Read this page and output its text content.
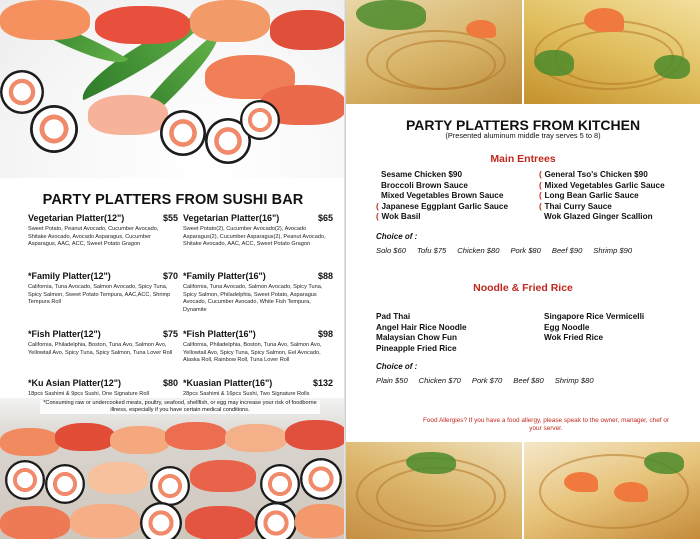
PARTY PLATTERS FROM SUSHI BAR
Vegetarian Platter(12")	$55
Sweet Potato, Peanut Avocado, Cucumber Avocado, Shitake Avocado, Avocado Asparagus, Cucumber Asparagus, AAC, ACC, Sweet Potato Gragon
*Family Platter(12")	$70
California, Tuna Avocado, Salmon Avocado, Spicy Tuna, Spicy Salmon, Sweet Potato Tempura, AAC,ACC, Shrimp Tempura Roll
*Fish Platter(12")	$75
California, Philadelphia, Boston, Tuna Avo, Salmon Avo, Yellowtail Avo, Spicy Tuna, Spicy Salmon, Tuna Lover Roll
*Ku Asian Platter(12")	$80
18pcs Sashimi & 9pcs Sushi, One Signature Roll
Vegetarian Platter(16")	$65
Sweet Potato(2), Cucumber Avocado(2), Avocado Asparagus(2), Cucumber Asparagus(2), Peanut Avocado, Shitake Avocado, AAC, ACC, Sweet Potato Gragon
*Family Platter(16")	$88
California, Tuna Avocado, Salmon Avocado, Spicy Tuna, Spicy Salmon, Philadelphia, Sweet Potato, Asparagus Avocado, Cucumber Avocado, White Fish Tempura, Dynamite
*Fish Platter(16")	$98
California, Philadelphia, Boston, Tuna Avo, Salmon Avo, Yellowtail Avo, Spicy Tuna, Spicy Salmon, Eel Avocado, Alaska Roll, Rainbow Roll, Tuna Lover Roll
*Kuasian Platter(16")	$132
28pcs Sashimi & 16pcs Sushi, Two Signature Rolls
*Consuming raw or undercooked meats, poultry, seafood, shellfish, or egg may increase your risk of foodborne illness, especially if you have certain medical conditions.
PARTY PLATTERS FROM KITCHEN
(Presented aluminum middle tray serves 5 to 8)
Main Entrees
Sesame Chicken $90
Broccoli Brown Sauce
Mixed Vegetables Brown Sauce
( Japanese Eggplant Garlic Sauce
( Wok Basil
( General Tso's Chicken $90
( Mixed Vegetables Garlic Sauce
( Long Bean Garlic Sauce
( Thai Curry Sauce
Wok Glazed Ginger Scallion
Choice of :
Solo $60 Tofu $75 Chicken $80 Pork $80 Beef $90 Shrimp $90
Noodle & Fried Rice
Pad Thai
Angel Hair Rice Noodle
Malaysian Chow Fun
Pineapple Fried Rice
Singapore Rice Vermicelli
Egg Noodle
Wok Fried Rice
Choice of :
Plain $50 Chicken $70 Pork $70 Beef $80 Shrimp $80
Food Allergies? If you have a food allergy, please speak to the owner, manager, chef or your server.
